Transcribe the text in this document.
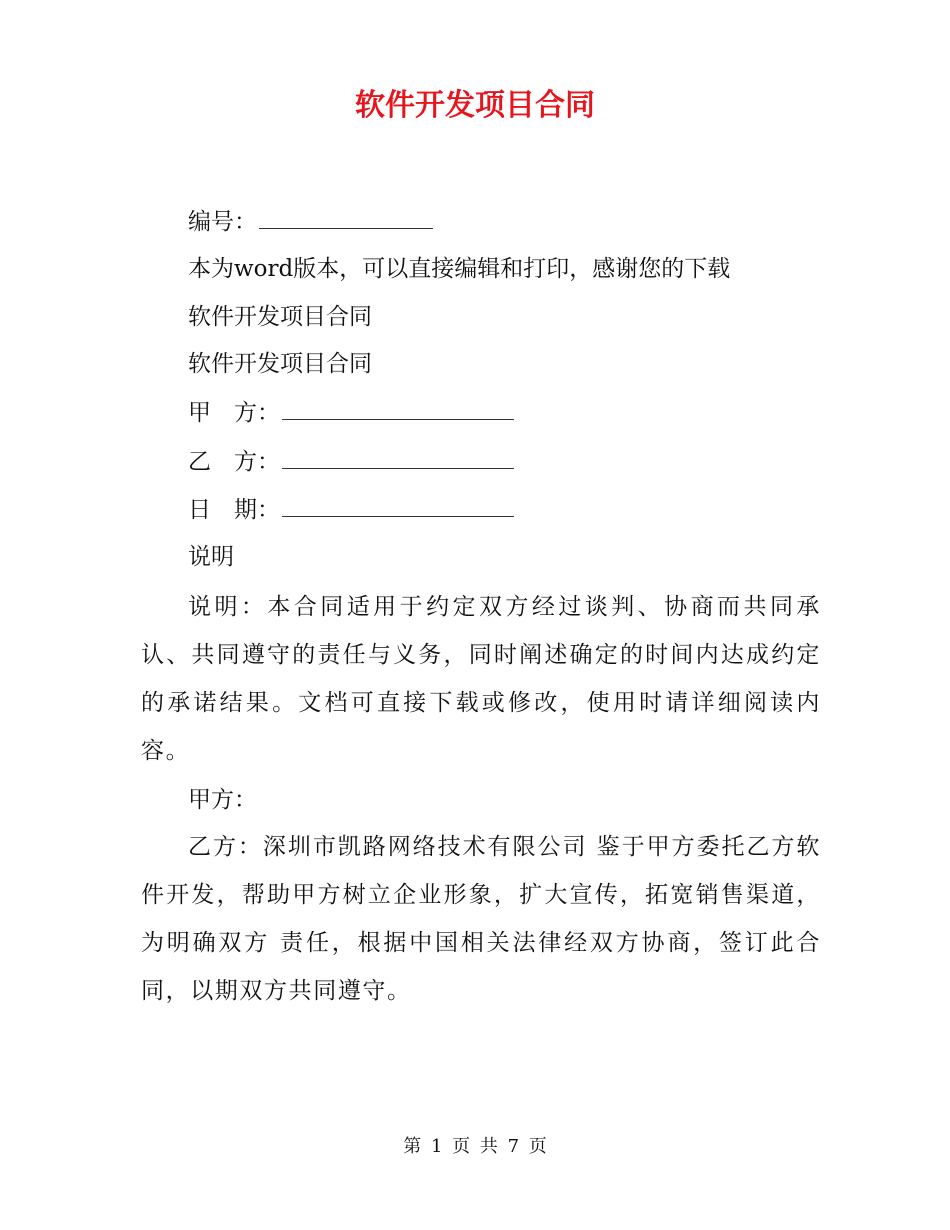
软件开发项目合同
编号：
本为word版本，可以直接编辑和打印，感谢您的下载
软件开发项目合同
软件开发项目合同
甲　方：
乙　方：
日　期：
说明

说明：本合同适用于约定双方经过谈判、协商而共同承认、共同遵守的责任与义务，同时阐述确定的时间内达成约定的承诺结果。文档可直接下载或修改，使用时请详细阅读内容。

甲方：

乙方：深圳市凯路网络技术有限公司 鉴于甲方委托乙方软件开发，帮助甲方树立企业形象，扩大宣传，拓宽销售渠道，为明确双方 责任，根据中国相关法律经双方协商，签订此合同，以期双方共同遵守。

第 1 页 共 7 页
